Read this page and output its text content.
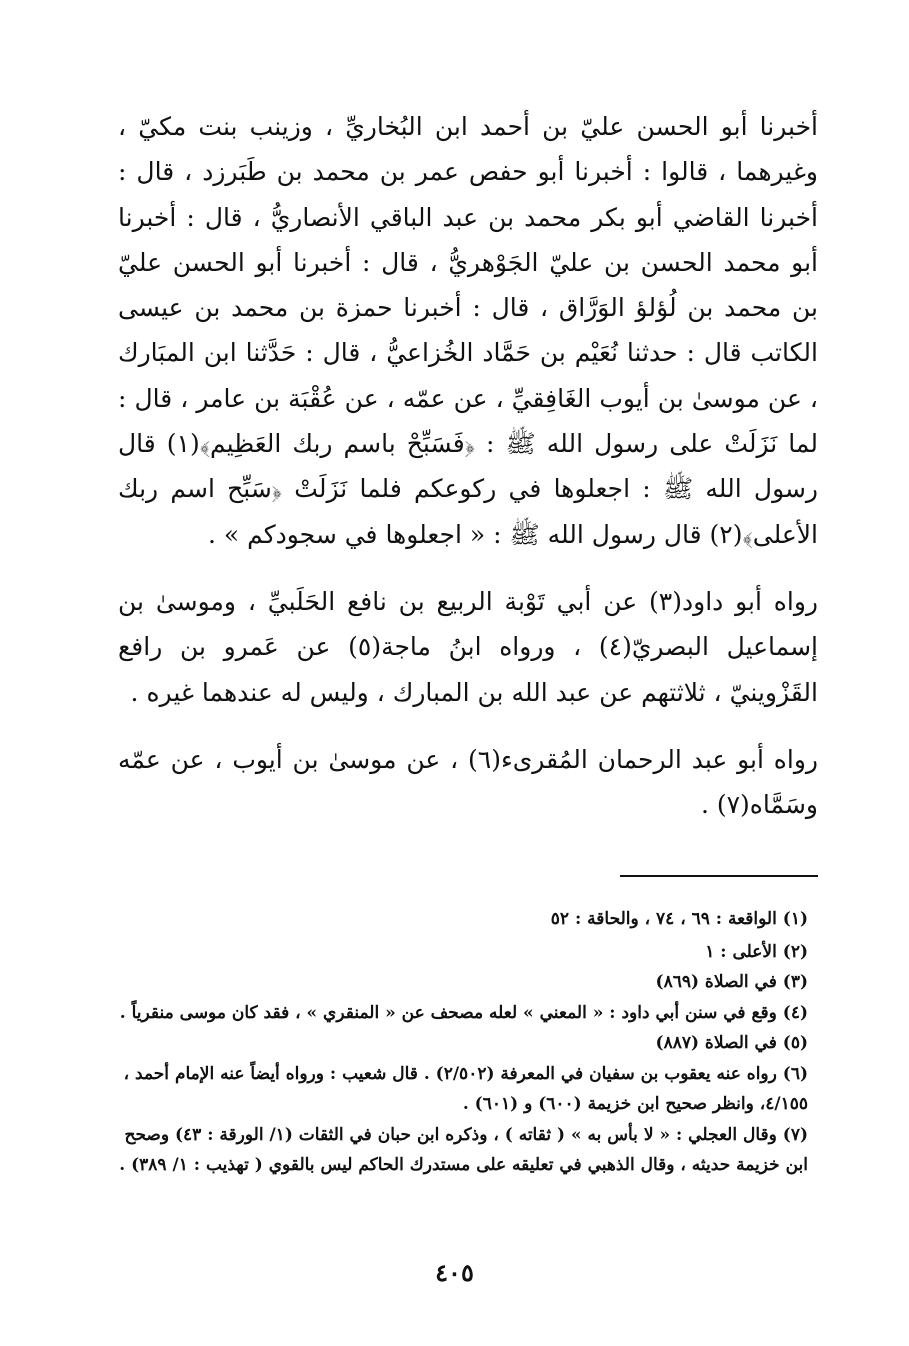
أخبرنا أبو الحسن عليّ بن أحمد ابن البُخاريِّ ، وزينب بنت مكيّ ، وغيرهما ، قالوا : أخبرنا أبو حفص عمر بن محمد بن طَبَرزد ، قال : أخبرنا القاضي أبو بكر محمد بن عبد الباقي الأنصاريُّ ، قال : أخبرنا أبو محمد الحسن بن عليّ الجَوْهريُّ ، قال : أخبرنا أبو الحسن عليّ بن محمد بن لُؤلؤ الوَرَّاق ، قال : أخبرنا حمزة بن محمد بن عيسى الكاتب قال : حدثنا نُعَيْم بن حَمَّاد الخُزاعيُّ ، قال : حَدَّثنا ابن المبَارك ، عن موسىٰ بن أيوب الغَافِقيِّ ، عن عمّه ، عن عُقْبَة بن عامر ، قال : لما نَزَلَتْ على رسول الله ﷺ : ﴿فَسَبِّحْ باسم ربك العَظِيم﴾(١) قال رسول الله ﷺ : اجعلوها في ركوعكم فلما نَزَلَتْ ﴿سَبِّح اسم ربك الأعلى﴾(٢) قال رسول الله ﷺ : « اجعلوها في سجودكم » .

رواه أبو داود(٣) عن أبي تَوْبة الربيع بن نافع الحَلَبيِّ ، وموسىٰ بن إسماعيل البصريّ(٤) ، ورواه ابنُ ماجة(٥) عن عَمرو بن رافع القَزْوينيّ ، ثلاثتهم عن عبد الله بن المبارك ، وليس له عندهما غيره .

رواه أبو عبد الرحمان المُقرىء(٦) ، عن موسىٰ بن أيوب ، عن عمّه وسَمَّاه(٧) .

(١) الواقعة : ٦٩ ، ٧٤ ، والحاقة : ٥٢

(٢) الأعلى : ١

(٣) في الصلاة (٨٦٩)

(٤) وقع في سنن أبي داود : « المعني » لعله مصحف عن « المنقري » ، فقد كان موسى منقرياً .

(٥) في الصلاة (٨٨٧)

(٦) رواه عنه يعقوب بن سفيان في المعرفة (٢/٥٠٢) . قال شعيب : ورواه أيضاً عنه الإمام أحمد ، ٤/١٥٥، وانظر صحيح ابن خزيمة (٦٠٠) و (٦٠١) .

(٧) وقال العجلي : « لا بأس به » ( ثقاته ) ، وذكره ابن حبان في الثقات (١/ الورقة : ٤٣) وصحح ابن خزيمة حديثه ، وقال الذهبي في تعليقه على مستدرك الحاكم ليس بالقوي ( تهذيب : ١/ ٣٨٩) .

٤٠٥
